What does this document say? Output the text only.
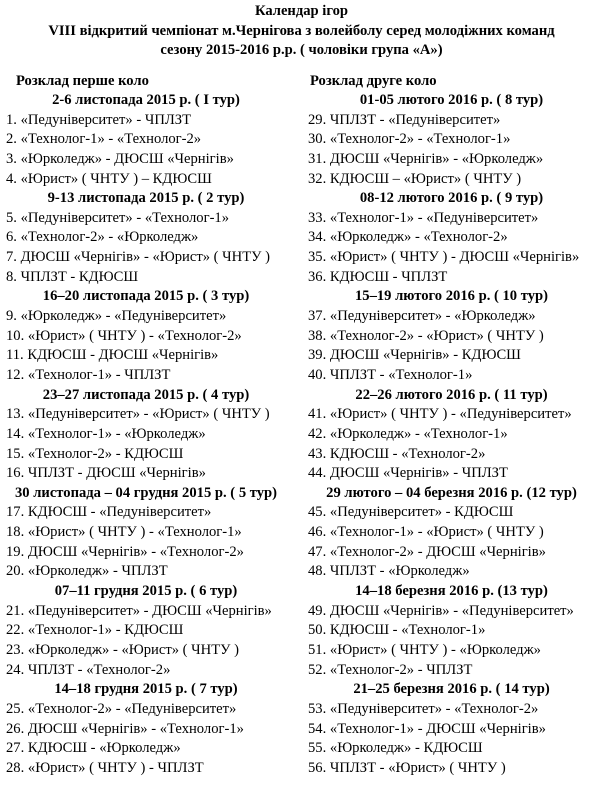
Календар ігор
VIII відкритий чемпіонат м.Чернігова з волейболу серед молодіжних команд
сезону 2015-2016 р.р. ( чоловіки група «А»)
Розклад перше коло
2-6 листопада 2015 р. ( І тур)
1. «Педуніверситет» - ЧПЛЗТ
2. «Технолог-1» - «Технолог-2»
3. «Юрколедж» - ДЮСШ «Чернігів»
4. «Юрист» ( ЧНТУ ) – КДЮСШ
9-13 листопада 2015 р. ( 2 тур)
5. «Педуніверситет» - «Технолог-1»
6. «Технолог-2» - «Юрколедж»
7. ДЮСШ «Чернігів» - «Юрист» ( ЧНТУ )
8. ЧПЛЗТ - КДЮСШ
16–20 листопада 2015 р. ( 3 тур)
9. «Юрколедж» - «Педуніверситет»
10. «Юрист» ( ЧНТУ ) - «Технолог-2»
11. КДЮСШ - ДЮСШ «Чернігів»
12. «Технолог-1» - ЧПЛЗТ
23–27 листопада 2015 р. ( 4 тур)
13. «Педуніверситет» - «Юрист» ( ЧНТУ )
14. «Технолог-1» - «Юрколедж»
15. «Технолог-2» - КДЮСШ
16. ЧПЛЗТ - ДЮСШ «Чернігів»
30 листопада – 04 грудня 2015 р. ( 5 тур)
17. КДЮСШ - «Педуніверситет»
18. «Юрист» ( ЧНТУ ) - «Технолог-1»
19. ДЮСШ «Чернігів» - «Технолог-2»
20. «Юрколедж» - ЧПЛЗТ
07–11 грудня 2015 р. ( 6 тур)
21. «Педуніверситет» - ДЮСШ «Чернігів»
22. «Технолог-1» - КДЮСШ
23. «Юрколедж» - «Юрист» ( ЧНТУ )
24. ЧПЛЗТ - «Технолог-2»
14–18 грудня 2015 р. ( 7 тур)
25. «Технолог-2» - «Педуніверситет»
26. ДЮСШ «Чернігів» - «Технолог-1»
27. КДЮСШ - «Юрколедж»
28. «Юрист» ( ЧНТУ ) - ЧПЛЗТ
Розклад друге коло
01-05 лютого 2016 р. ( 8 тур)
29. ЧПЛЗТ - «Педуніверситет»
30. «Технолог-2» - «Технолог-1»
31. ДЮСШ «Чернігів» - «Юрколедж»
32. КДЮСШ – «Юрист» ( ЧНТУ )
08-12 лютого 2016 р. ( 9 тур)
33. «Технолог-1» - «Педуніверситет»
34. «Юрколедж» - «Технолог-2»
35. «Юрист» ( ЧНТУ ) - ДЮСШ «Чернігів»
36. КДЮСШ - ЧПЛЗТ
15–19 лютого 2016 р. ( 10 тур)
37. «Педуніверситет» - «Юрколедж»
38. «Технолог-2» - «Юрист» ( ЧНТУ )
39. ДЮСШ «Чернігів» - КДЮСШ
40. ЧПЛЗТ - «Технолог-1»
22–26 лютого 2016 р. ( 11 тур)
41. «Юрист» ( ЧНТУ ) - «Педуніверситет»
42. «Юрколедж» - «Технолог-1»
43. КДЮСШ - «Технолог-2»
44. ДЮСШ «Чернігів» - ЧПЛЗТ
29 лютого – 04 березня 2016 р. (12 тур)
45. «Педуніверситет» - КДЮСШ
46. «Технолог-1» - «Юрист» ( ЧНТУ )
47. «Технолог-2» - ДЮСШ «Чернігів»
48. ЧПЛЗТ - «Юрколедж»
14–18 березня 2016 р. (13 тур)
49. ДЮСШ «Чернігів» - «Педуніверситет»
50. КДЮСШ - «Технолог-1»
51. «Юрист» ( ЧНТУ ) - «Юрколедж»
52. «Технолог-2» - ЧПЛЗТ
21–25 березня 2016 р. ( 14 тур)
53. «Педуніверситет» - «Технолог-2»
54. «Технолог-1» - ДЮСШ «Чернігів»
55. «Юрколедж» - КДЮСШ
56. ЧПЛЗТ - «Юрист» ( ЧНТУ )
